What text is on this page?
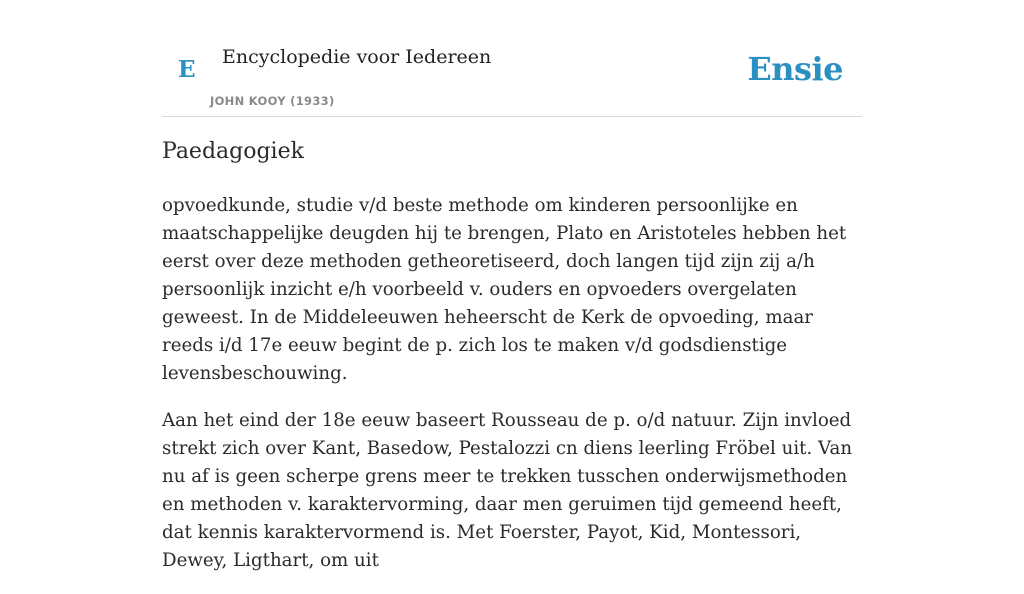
E Encyclopedie voor Iedereen
JOHN KOOY (1933)
Ensie
Paedagogiek

opvoedkunde, studie v/d beste methode om kinderen persoonlijke en maatschappelijke deugden hij te brengen, Plato en Aristoteles hebben het eerst over deze methoden getheoretiseerd, doch langen tijd zijn zij a/h persoonlijk inzicht e/h voorbeeld v. ouders en opvoeders overgelaten geweest. In de Middeleeuwen heheerscht de Kerk de opvoeding, maar reeds i/d 17e eeuw begint de p. zich los te maken v/d godsdienstige levensbeschouwing.

Aan het eind der 18e eeuw baseert Rousseau de p. o/d natuur. Zijn invloed strekt zich over Kant, Basedow, Pestalozzi cn diens leerling Fröbel uit. Van nu af is geen scherpe grens meer te trekken tusschen onderwijsmethoden en methoden v. karaktervorming, daar men geruimen tijd gemeend heeft, dat kennis karaktervormend is. Met Foerster, Payot, Kid, Montessori, Dewey, Ligthart, om uit
